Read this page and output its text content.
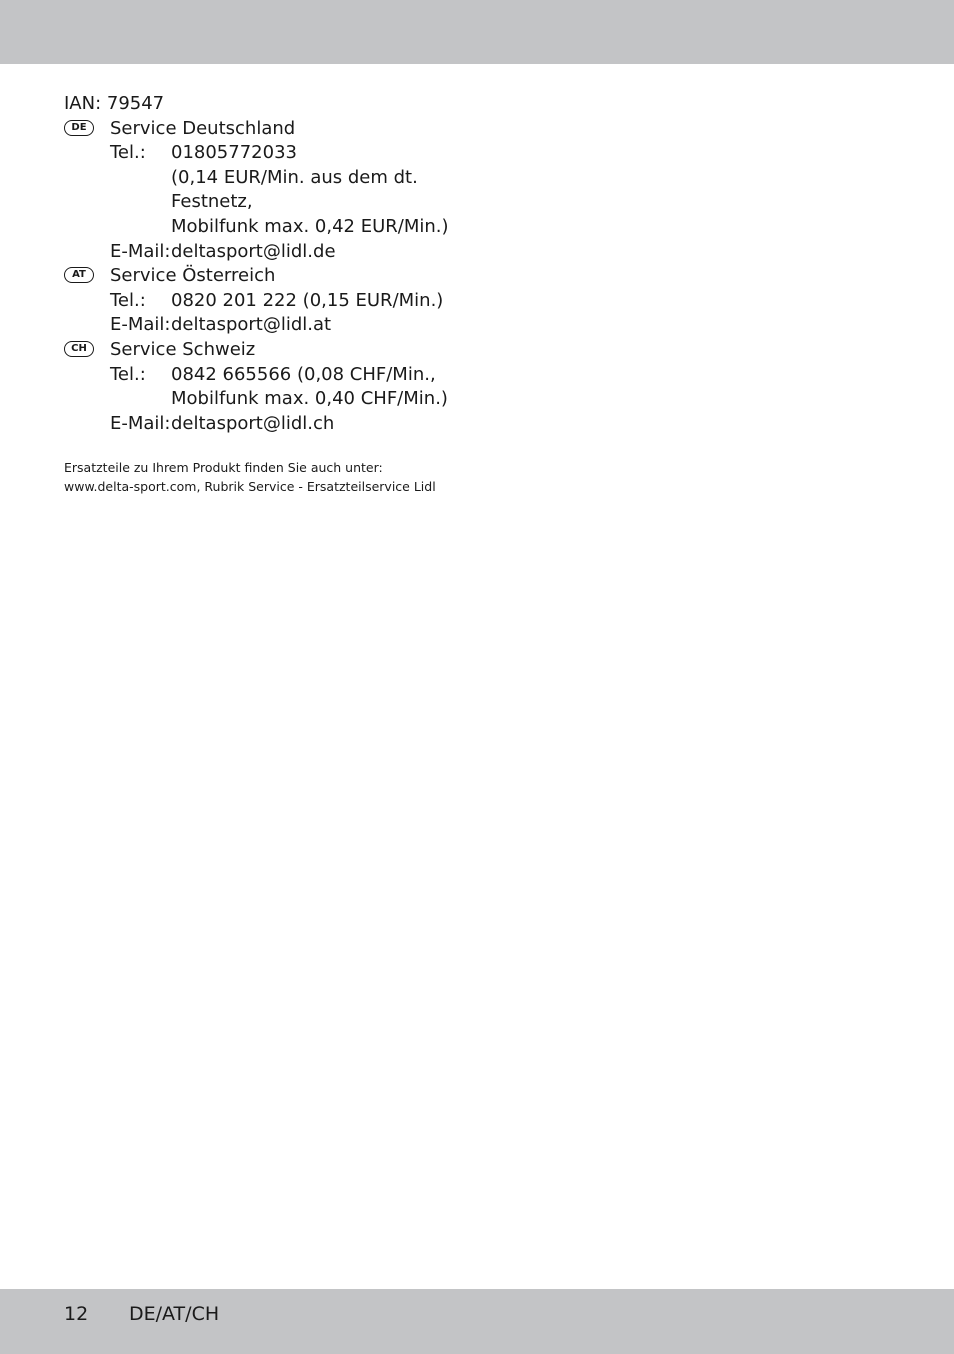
IAN: 79547
DE	Service Deutschland
Tel.: 01805772033
(0,14 EUR/Min. aus dem dt.
Festnetz,
Mobilfunk max. 0,42 EUR/Min.)
E-Mail: deltasport@lidl.de
AT	Service Österreich
Tel.: 0820 201 222 (0,15 EUR/Min.)
E-Mail: deltasport@lidl.at
CH	Service Schweiz
Tel.: 0842 665566 (0,08 CHF/Min.,
Mobilfunk max. 0,40 CHF/Min.)
E-Mail: deltasport@lidl.ch
Ersatzteile zu Ihrem Produkt finden Sie auch unter:
www.delta-sport.com, Rubrik Service - Ersatzteilservice Lidl
12 DE/AT/CH
